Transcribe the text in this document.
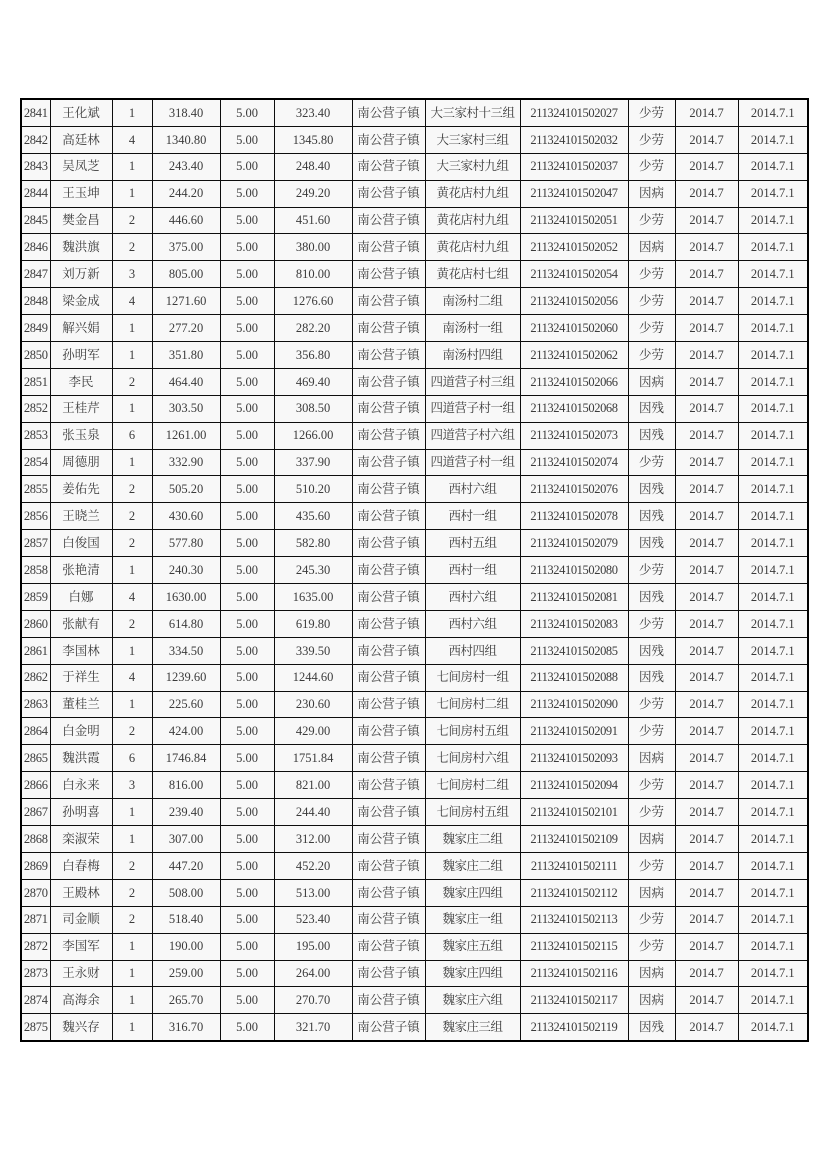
2841	王化斌	1	318.40	5.00	323.40	南公营子镇	大三家村十三组	211324101502027	少劳	2014.7	2014.7.1
2842	高廷林	4	1340.80	5.00	1345.80	南公营子镇	大三家村三组	211324101502032	少劳	2014.7	2014.7.1
2843	吴凤芝	1	243.40	5.00	248.40	南公营子镇	大三家村九组	211324101502037	少劳	2014.7	2014.7.1
2844	王玉坤	1	244.20	5.00	249.20	南公营子镇	黄花店村九组	211324101502047	因病	2014.7	2014.7.1
2845	樊金昌	2	446.60	5.00	451.60	南公营子镇	黄花店村九组	211324101502051	少劳	2014.7	2014.7.1
2846	魏洪旗	2	375.00	5.00	380.00	南公营子镇	黄花店村九组	211324101502052	因病	2014.7	2014.7.1
2847	刘万新	3	805.00	5.00	810.00	南公营子镇	黄花店村七组	211324101502054	少劳	2014.7	2014.7.1
2848	梁金成	4	1271.60	5.00	1276.60	南公营子镇	南汤村二组	211324101502056	少劳	2014.7	2014.7.1
2849	解兴娟	1	277.20	5.00	282.20	南公营子镇	南汤村一组	211324101502060	少劳	2014.7	2014.7.1
2850	孙明军	1	351.80	5.00	356.80	南公营子镇	南汤村四组	211324101502062	少劳	2014.7	2014.7.1
2851	李民	2	464.40	5.00	469.40	南公营子镇	四道营子村三组	211324101502066	因病	2014.7	2014.7.1
2852	王桂芹	1	303.50	5.00	308.50	南公营子镇	四道营子村一组	211324101502068	因残	2014.7	2014.7.1
2853	张玉泉	6	1261.00	5.00	1266.00	南公营子镇	四道营子村六组	211324101502073	因残	2014.7	2014.7.1
2854	周德朋	1	332.90	5.00	337.90	南公营子镇	四道营子村一组	211324101502074	少劳	2014.7	2014.7.1
2855	姜佑先	2	505.20	5.00	510.20	南公营子镇	西村六组	211324101502076	因残	2014.7	2014.7.1
2856	王晓兰	2	430.60	5.00	435.60	南公营子镇	西村一组	211324101502078	因残	2014.7	2014.7.1
2857	白俊国	2	577.80	5.00	582.80	南公营子镇	西村五组	211324101502079	因残	2014.7	2014.7.1
2858	张艳清	1	240.30	5.00	245.30	南公营子镇	西村一组	211324101502080	少劳	2014.7	2014.7.1
2859	白娜	4	1630.00	5.00	1635.00	南公营子镇	西村六组	211324101502081	因残	2014.7	2014.7.1
2860	张献有	2	614.80	5.00	619.80	南公营子镇	西村六组	211324101502083	少劳	2014.7	2014.7.1
2861	李国林	1	334.50	5.00	339.50	南公营子镇	西村四组	211324101502085	因残	2014.7	2014.7.1
2862	于祥生	4	1239.60	5.00	1244.60	南公营子镇	七间房村一组	211324101502088	因残	2014.7	2014.7.1
2863	董桂兰	1	225.60	5.00	230.60	南公营子镇	七间房村二组	211324101502090	少劳	2014.7	2014.7.1
2864	白金明	2	424.00	5.00	429.00	南公营子镇	七间房村五组	211324101502091	少劳	2014.7	2014.7.1
2865	魏洪霞	6	1746.84	5.00	1751.84	南公营子镇	七间房村六组	211324101502093	因病	2014.7	2014.7.1
2866	白永来	3	816.00	5.00	821.00	南公营子镇	七间房村二组	211324101502094	少劳	2014.7	2014.7.1
2867	孙明喜	1	239.40	5.00	244.40	南公营子镇	七间房村五组	211324101502101	少劳	2014.7	2014.7.1
2868	栾淑荣	1	307.00	5.00	312.00	南公营子镇	魏家庄二组	211324101502109	因病	2014.7	2014.7.1
2869	白春梅	2	447.20	5.00	452.20	南公营子镇	魏家庄二组	211324101502111	少劳	2014.7	2014.7.1
2870	王殿林	2	508.00	5.00	513.00	南公营子镇	魏家庄四组	211324101502112	因病	2014.7	2014.7.1
2871	司金顺	2	518.40	5.00	523.40	南公营子镇	魏家庄一组	211324101502113	少劳	2014.7	2014.7.1
2872	李国军	1	190.00	5.00	195.00	南公营子镇	魏家庄五组	211324101502115	少劳	2014.7	2014.7.1
2873	王永财	1	259.00	5.00	264.00	南公营子镇	魏家庄四组	211324101502116	因病	2014.7	2014.7.1
2874	高海余	1	265.70	5.00	270.70	南公营子镇	魏家庄六组	211324101502117	因病	2014.7	2014.7.1
2875	魏兴存	1	316.70	5.00	321.70	南公营子镇	魏家庄三组	211324101502119	因残	2014.7	2014.7.1
